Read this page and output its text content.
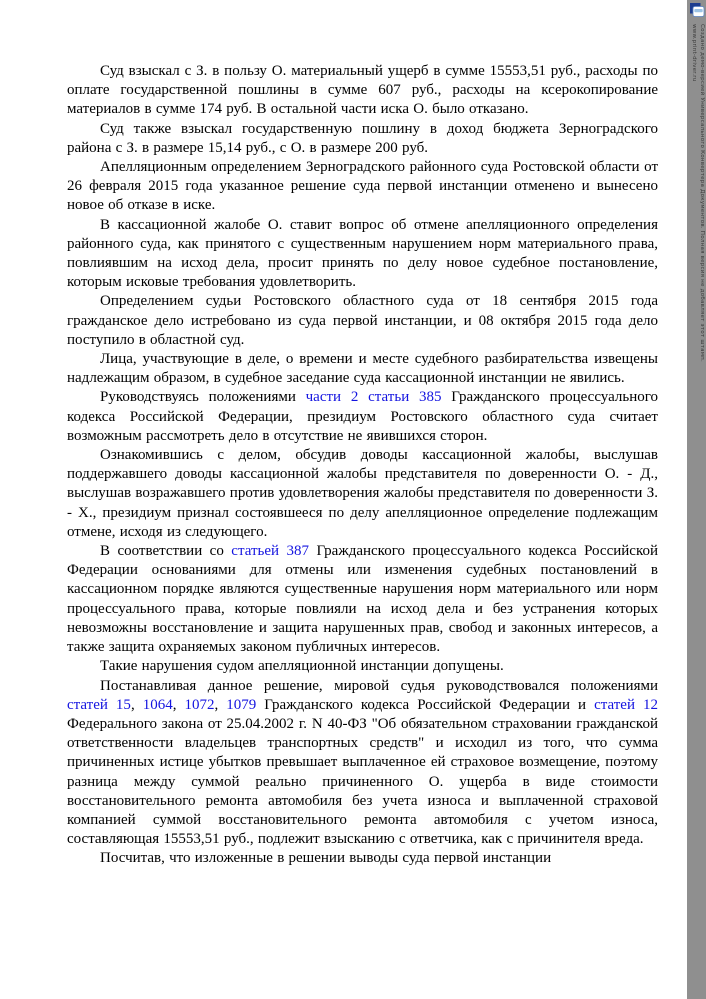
Суд взыскал с З. в пользу О. материальный ущерб в сумме 15553,51 руб., расходы по оплате государственной пошлины в сумме 607 руб., расходы на ксерокопирование материалов в сумме 174 руб. В остальной части иска О. было отказано.

Суд также взыскал государственную пошлину в доход бюджета Зерноградского района с З. в размере 15,14 руб., с О. в размере 200 руб.

Апелляционным определением Зерноградского районного суда Ростовской области от 26 февраля 2015 года указанное решение суда первой инстанции отменено и вынесено новое об отказе в иске.

В кассационной жалобе О. ставит вопрос об отмене апелляционного определения районного суда, как принятого с существенным нарушением норм материального права, повлиявшим на исход дела, просит принять по делу новое судебное постановление, которым исковые требования удовлетворить.

Определением судьи Ростовского областного суда от 18 сентября 2015 года гражданское дело истребовано из суда первой инстанции, и 08 октября 2015 года дело поступило в областной суд.

Лица, участвующие в деле, о времени и месте судебного разбирательства извещены надлежащим образом, в судебное заседание суда кассационной инстанции не явились.

Руководствуясь положениями части 2 статьи 385 Гражданского процессуального кодекса Российской Федерации, президиум Ростовского областного суда считает возможным рассмотреть дело в отсутствие не явившихся сторон.

Ознакомившись с делом, обсудив доводы кассационной жалобы, выслушав поддержавшего доводы кассационной жалобы представителя по доверенности О. - Д., выслушав возражавшего против удовлетворения жалобы представителя по доверенности З. - Х., президиум признал состоявшееся по делу апелляционное определение подлежащим отмене, исходя из следующего.

В соответствии со статьей 387 Гражданского процессуального кодекса Российской Федерации основаниями для отмены или изменения судебных постановлений в кассационном порядке являются существенные нарушения норм материального или норм процессуального права, которые повлияли на исход дела и без устранения которых невозможны восстановление и защита нарушенных прав, свобод и законных интересов, а также защита охраняемых законом публичных интересов.

Такие нарушения судом апелляционной инстанции допущены.

Постанавливая данное решение, мировой судья руководствовался положениями статей 15, 1064, 1072, 1079 Гражданского кодекса Российской Федерации и статей 12 Федерального закона от 25.04.2002 г. N 40-ФЗ "Об обязательном страховании гражданской ответственности владельцев транспортных средств" и исходил из того, что сумма причиненных истице убытков превышает выплаченное ей страховое возмещение, поэтому разница между суммой реально причиненного О. ущерба в виде стоимости восстановительного ремонта автомобиля без учета износа и выплаченной страховой компанией суммой восстановительного ремонта автомобиля с учетом износа, составляющая 15553,51 руб., подлежит взысканию с ответчика, как с причинителя вреда.

Посчитав, что изложенные в решении выводы суда первой инстанции

Создано демо-версией Универсального Конвертера Документов. Полная версия не добавляет этот штамп.
www.print-driver.ru
